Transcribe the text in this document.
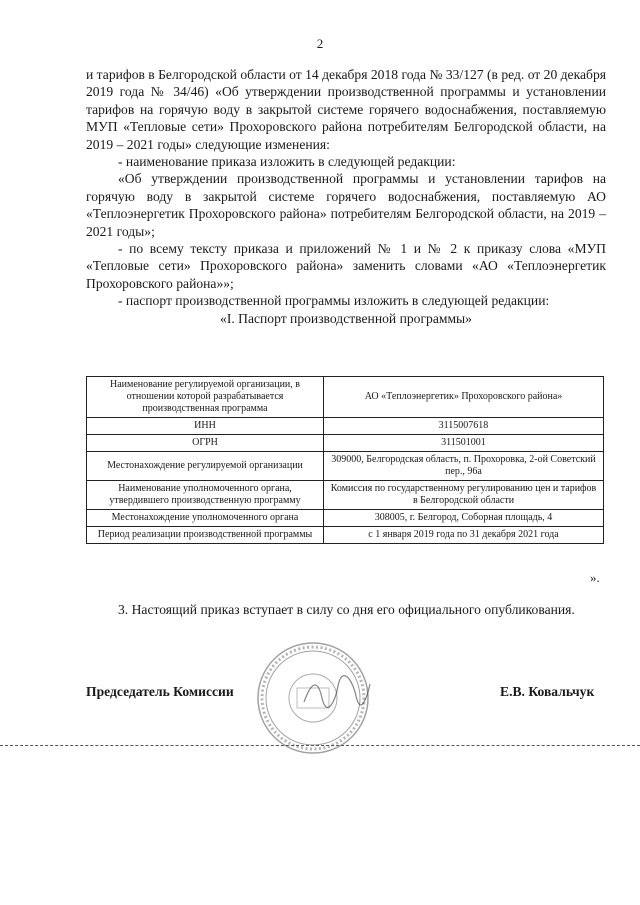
2

и тарифов в Белгородской области от 14 декабря 2018 года № 33/127 (в ред. от 20 декабря 2019 года № 34/46) «Об утверждении производственной программы и установлении тарифов на горячую воду в закрытой системе горячего водоснабжения, поставляемую МУП «Тепловые сети» Прохоровского района потребителям Белгородской области, на 2019 – 2021 годы» следующие изменения:

- наименование приказа изложить в следующей редакции:

«Об утверждении производственной программы и установлении тарифов на горячую воду в закрытой системе горячего водоснабжения, поставляемую АО «Теплоэнергетик Прохоровского района» потребителям Белгородской области, на 2019 – 2021 годы»;

- по всему тексту приказа и приложений № 1 и № 2 к приказу слова «МУП «Тепловые сети» Прохоровского района» заменить словами «АО «Теплоэнергетик Прохоровского района»»;

- паспорт производственной программы изложить в следующей редакции:

«I. Паспорт производственной программы»

Наименование регулируемой организации, в отношении которой разрабатывается производственная программа	АО «Теплоэнергетик» Прохоровского района»
ИНН	3115007618
ОГРН	311501001
Местонахождение регулируемой организации	309000, Белгородская область, п. Прохоровка, 2-ой Советский пер., 96а
Наименование уполномоченного органа, утвердившего производственную программу	Комиссия по государственному регулированию цен и тарифов в Белгородской области
Местонахождение уполномоченного органа	308005, г. Белгород, Соборная площадь, 4
Период реализации производственной программы	с 1 января 2019 года по 31 декабря 2021 года
».

3. Настоящий приказ вступает в силу со дня его официального опубликования.

Председатель Комиссии	Е.В. Ковальчук
